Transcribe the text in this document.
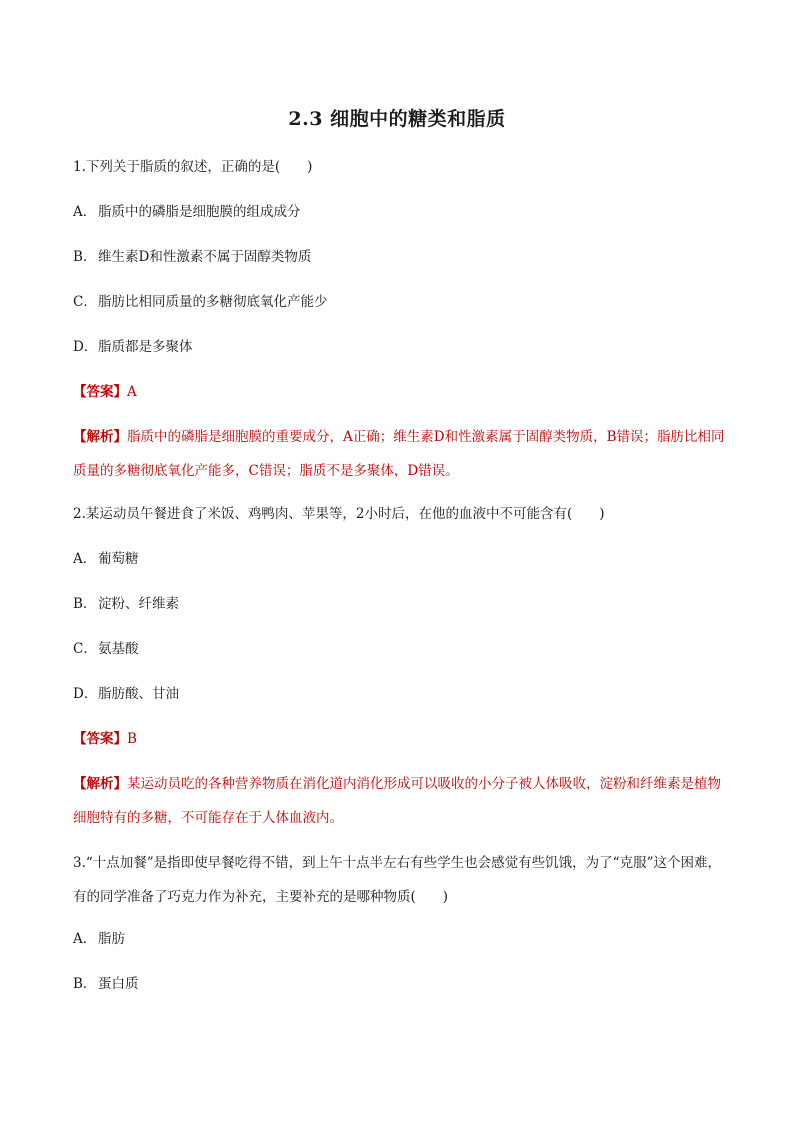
2.3 细胞中的糖类和脂质
1.下列关于脂质的叙述，正确的是(　　)
A． 脂质中的磷脂是细胞膜的组成成分
B． 维生素D和性激素不属于固醇类物质
C．脂肪比相同质量的多糖彻底氧化产能少
D．脂质都是多聚体
【答案】A
【解析】脂质中的磷脂是细胞膜的重要成分，A正确；维生素D和性激素属于固醇类物质，B错误；脂肪比相同质量的多糖彻底氧化产能多，C错误；脂质不是多聚体，D错误。
2.某运动员午餐进食了米饭、鸡鸭肉、苹果等，2小时后，在他的血液中不可能含有(　　)
A． 葡萄糖
B． 淀粉、纤维素
C．氨基酸
D．脂肪酸、甘油
【答案】B
【解析】某运动员吃的各种营养物质在消化道内消化形成可以吸收的小分子被人体吸收，淀粉和纤维素是植物细胞特有的多糖，不可能存在于人体血液内。
3.“十点加餐”是指即使早餐吃得不错，到上午十点半左右有些学生也会感觉有些饥饿，为了“克服”这个困难，有的同学准备了巧克力作为补充，主要补充的是哪种物质(　　)
A． 脂肪
B． 蛋白质
